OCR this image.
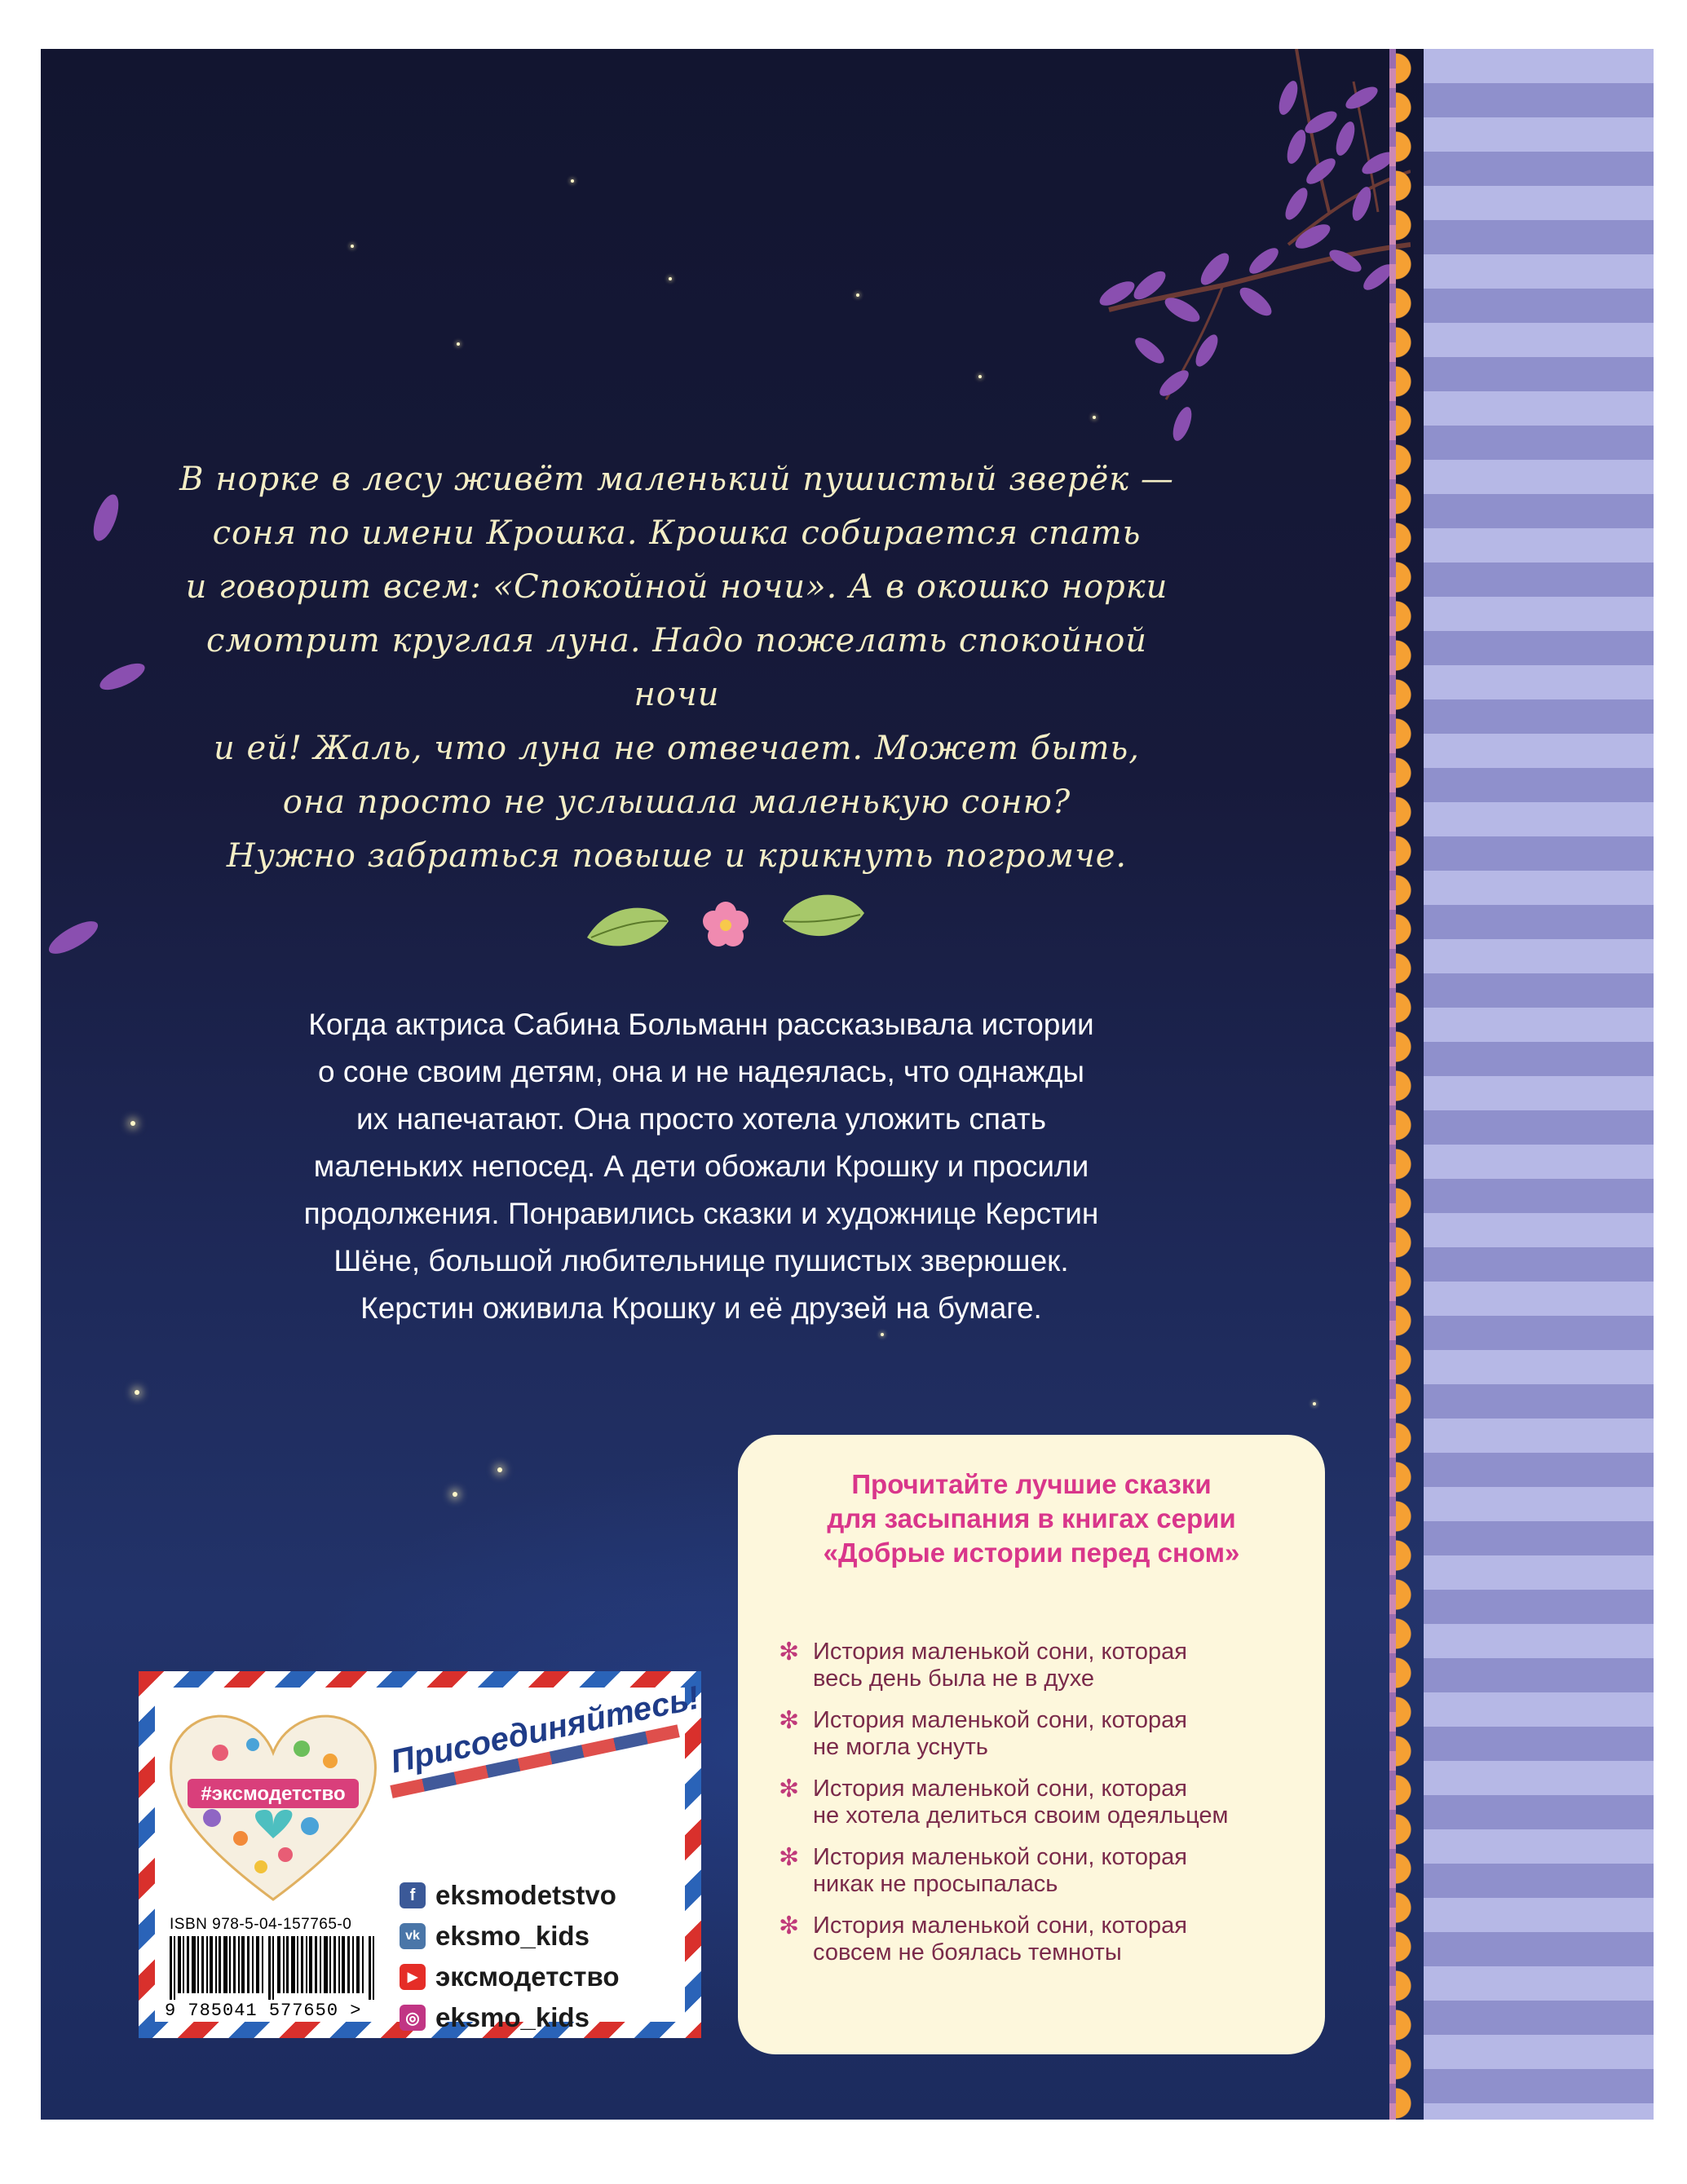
В норке в лесу живёт маленький пушистый зверёк —

соня по имени Крошка. Крошка собирается спать

и говорит всем: «Спокойной ночи». А в окошко норки

смотрит круглая луна. Надо пожелать спокойной ночи

и ей! Жаль, что луна не отвечает. Может быть,

она просто не услышала маленькую соню?

Нужно забраться повыше и крикнуть погромче.

Когда актриса Сабина Больманн рассказывала истории

о соне своим детям, она и не надеялась, что однажды

их напечатают. Она просто хотела уложить спать

маленьких непосед. А дети обожали Крошку и просили

продолжения. Понравились сказки и художнице Керстин

Шёне, большой любительнице пушистых зверюшек.

Керстин оживила Крошку и её друзей на бумаге.

Прочитайте лучшие сказки

для засыпания в книгах серии

«Добрые истории перед сном»

✻ История маленькой сони, которая
весь день была не в духе
✻ История маленькой сони, которая
не могла уснуть
✻ История маленькой сони, которая
не хотела делиться своим одеяльцем
✻ История маленькой сони, которая
никак не просыпалась
✻ История маленькой сони, которая
совсем не боялась темноты
#эксмодетство
Присоединяйтесь!
ISBN 978-5-04-157765-0
9 785041 577650 >
f eksmodetstvo
vk eksmo_kids
▶ эксмодетство
◎ eksmo_kids
